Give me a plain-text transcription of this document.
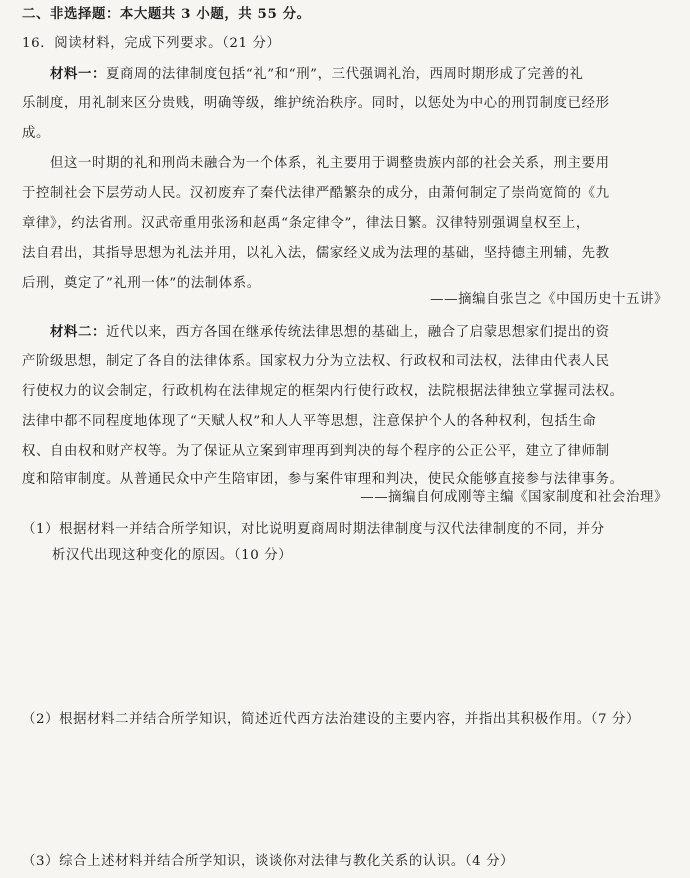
二、非选择题：本大题共 3 小题，共 55 分。
16．阅读材料，完成下列要求。（21 分）
材料一：夏商周的法律制度包括“礼”和“刑”，三代强调礼治，西周时期形成了完善的礼
乐制度，用礼制来区分贵贱，明确等级，维护统治秩序。同时，以惩处为中心的刑罚制度已经形
成。
但这一时期的礼和刑尚未融合为一个体系，礼主要用于调整贵族内部的社会关系，刑主要用
于控制社会下层劳动人民。汉初废弃了秦代法律严酷繁杂的成分，由萧何制定了崇尚宽简的《九
章律》，约法省刑。汉武帝重用张汤和赵禹“条定律令”，律法日繁。汉律特别强调皇权至上，
法自君出，其指导思想为礼法并用，以礼入法，儒家经义成为法理的基础，坚持德主刑辅，先教
后刑，奠定了”礼刑一体”的法制体系。
——摘编自张岂之《中国历史十五讲》
材料二：近代以来，西方各国在继承传统法律思想的基础上，融合了启蒙思想家们提出的资
产阶级思想，制定了各自的法律体系。国家权力分为立法权、行政权和司法权，法律由代表人民
行使权力的议会制定，行政机构在法律规定的框架内行使行政权，法院根据法律独立掌握司法权。
法律中都不同程度地体现了“天赋人权”和人人平等思想，注意保护个人的各种权利，包括生命
权、自由权和财产权等。为了保证从立案到审理再到判决的每个程序的公正公平，建立了律师制
度和陪审制度。从普通民众中产生陪审团，参与案件审理和判决，使民众能够直接参与法律事务。
——摘编自何成刚等主编《国家制度和社会治理》
（1）根据材料一并结合所学知识，对比说明夏商周时期法律制度与汉代法律制度的不同，并分
析汉代出现这种变化的原因。（10 分）
（2）根据材料二并结合所学知识，简述近代西方法治建设的主要内容，并指出其积极作用。（7 分）
（3）综合上述材料并结合所学知识，谈谈你对法律与教化关系的认识。（4 分）
